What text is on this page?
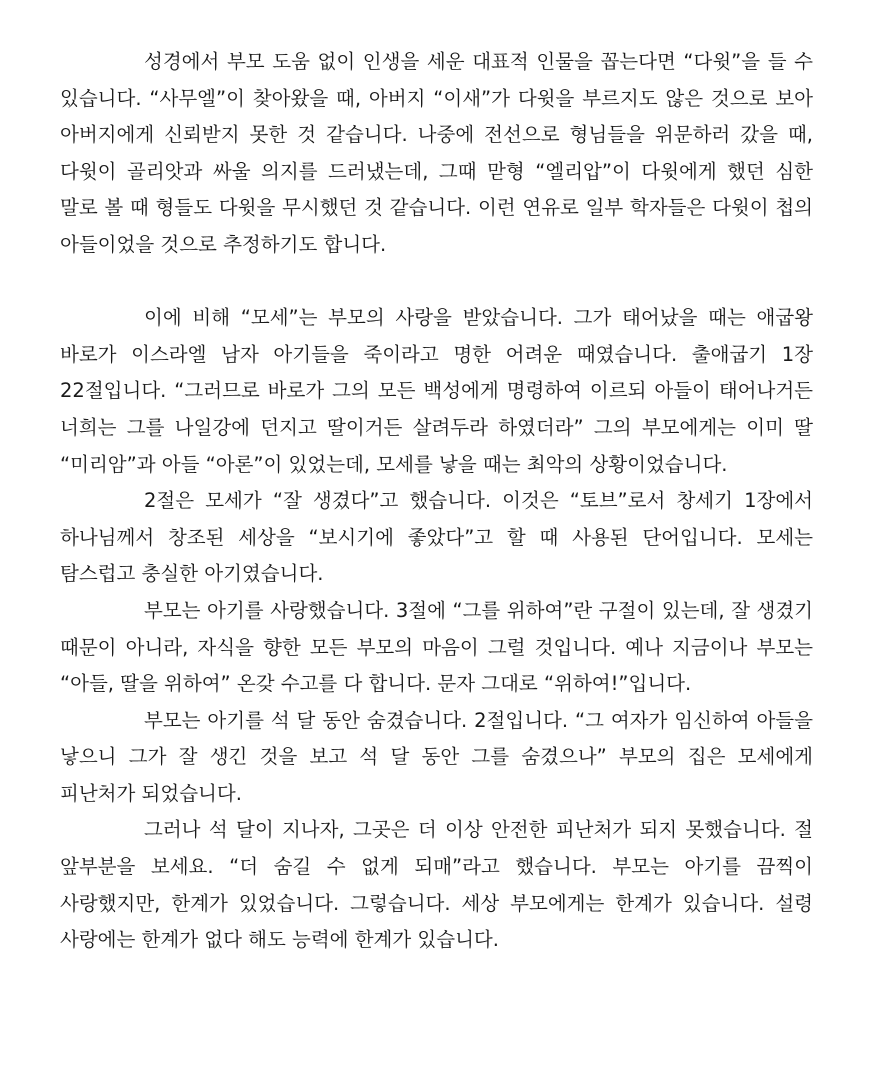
성경에서 부모 도움 없이 인생을 세운 대표적 인물을 꼽는다면 “다윗”을 들 수 있습니다. “사무엘”이 찾아왔을 때, 아버지 “이새”가 다윗을 부르지도 않은 것으로 보아 아버지에게 신뢰받지 못한 것 같습니다. 나중에 전선으로 형님들을 위문하러 갔을 때, 다윗이 골리앗과 싸울 의지를 드러냈는데, 그때 맏형 “엘리압”이 다윗에게 했던 심한 말로 볼 때 형들도 다윗을 무시했던 것 같습니다. 이런 연유로 일부 학자들은 다윗이 첩의 아들이었을 것으로 추정하기도 합니다.

이에 비해 “모세”는 부모의 사랑을 받았습니다. 그가 태어났을 때는 애굽왕 바로가 이스라엘 남자 아기들을 죽이라고 명한 어려운 때였습니다. 출애굽기 1장 22절입니다. “그러므로 바로가 그의 모든 백성에게 명령하여 이르되 아들이 태어나거든 너희는 그를 나일강에 던지고 딸이거든 살려두라 하였더라” 그의 부모에게는 이미 딸 “미리암”과 아들 “아론”이 있었는데, 모세를 낳을 때는 최악의 상황이었습니다.

2절은 모세가 “잘 생겼다”고 했습니다. 이것은 “토브”로서 창세기 1장에서 하나님께서 창조된 세상을 “보시기에 좋았다”고 할 때 사용된 단어입니다. 모세는 탐스럽고 충실한 아기였습니다.

부모는 아기를 사랑했습니다. 3절에 “그를 위하여”란 구절이 있는데, 잘 생겼기 때문이 아니라, 자식을 향한 모든 부모의 마음이 그럴 것입니다. 예나 지금이나 부모는 “아들, 딸을 위하여” 온갖 수고를 다 합니다. 문자 그대로 “위하여!”입니다.

부모는 아기를 석 달 동안 숨겼습니다. 2절입니다. “그 여자가 임신하여 아들을 낳으니 그가 잘 생긴 것을 보고 석 달 동안 그를 숨겼으나” 부모의 집은 모세에게 피난처가 되었습니다.

그러나 석 달이 지나자, 그곳은 더 이상 안전한 피난처가 되지 못했습니다. 절 앞부분을 보세요. “더 숨길 수 없게 되매”라고 했습니다. 부모는 아기를 끔찍이 사랑했지만, 한계가 있었습니다. 그렇습니다. 세상 부모에게는 한계가 있습니다. 설령 사랑에는 한계가 없다 해도 능력에 한계가 있습니다.
